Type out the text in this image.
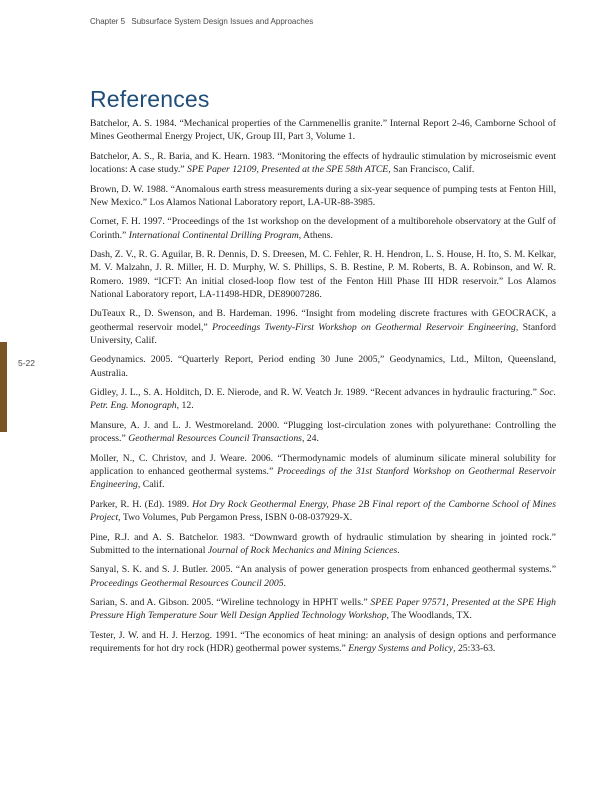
Chapter 5 Subsurface System Design Issues and Approaches
5-22
References
Batchelor, A. S. 1984. “Mechanical properties of the Carnmenellis granite.” Internal Report 2-46, Camborne School of Mines Geothermal Energy Project, UK, Group III, Part 3, Volume 1.
Batchelor, A. S., R. Baria, and K. Hearn. 1983. “Monitoring the effects of hydraulic stimulation by microseismic event locations: A case study.” SPE Paper 12109, Presented at the SPE 58th ATCE, San Francisco, Calif.
Brown, D. W. 1988. “Anomalous earth stress measurements during a six-year sequence of pumping tests at Fenton Hill, New Mexico.” Los Alamos National Laboratory report, LA-UR-88-3985.
Cornet, F. H. 1997. “Proceedings of the 1st workshop on the development of a multiborehole observatory at the Gulf of Corinth.” International Continental Drilling Program, Athens.
Dash, Z. V., R. G. Aguilar, B. R. Dennis, D. S. Dreesen, M. C. Fehler, R. H. Hendron, L. S. House, H. Ito, S. M. Kelkar, M. V. Malzahn, J. R. Miller, H. D. Murphy, W. S. Phillips, S. B. Restine, P. M. Roberts, B. A. Robinson, and W. R. Romero. 1989. “ICFT: An initial closed-loop flow test of the Fenton Hill Phase III HDR reservoir.” Los Alamos National Laboratory report, LA-11498-HDR, DE89007286.
DuTeaux R., D. Swenson, and B. Hardeman. 1996. “Insight from modeling discrete fractures with GEOCRACK, a geothermal reservoir model,” Proceedings Twenty-First Workshop on Geothermal Reservoir Engineering, Stanford University, Calif.
Geodynamics. 2005. “Quarterly Report, Period ending 30 June 2005,” Geodynamics, Ltd., Milton, Queensland, Australia.
Gidley, J. L., S. A. Holditch, D. E. Nierode, and R. W. Veatch Jr. 1989. “Recent advances in hydraulic fracturing.” Soc. Petr. Eng. Monograph, 12.
Mansure, A. J. and L. J. Westmoreland. 2000. “Plugging lost-circulation zones with polyurethane: Controlling the process.” Geothermal Resources Council Transactions, 24.
Moller, N., C. Christov, and J. Weare. 2006. “Thermodynamic models of aluminum silicate mineral solubility for application to enhanced geothermal systems.” Proceedings of the 31st Stanford Workshop on Geothermal Reservoir Engineering, Calif.
Parker, R. H. (Ed). 1989. Hot Dry Rock Geothermal Energy, Phase 2B Final report of the Camborne School of Mines Project, Two Volumes, Pub Pergamon Press, ISBN 0-08-037929-X.
Pine, R.J. and A. S. Batchelor. 1983. “Downward growth of hydraulic stimulation by shearing in jointed rock.” Submitted to the international Journal of Rock Mechanics and Mining Sciences.
Sanyal, S. K. and S. J. Butler. 2005. “An analysis of power generation prospects from enhanced geothermal systems.” Proceedings Geothermal Resources Council 2005.
Sarian, S. and A. Gibson. 2005. “Wireline technology in HPHT wells.” SPEE Paper 97571, Presented at the SPE High Pressure High Temperature Sour Well Design Applied Technology Workshop, The Woodlands, TX.
Tester, J. W. and H. J. Herzog. 1991. “The economics of heat mining: an analysis of design options and performance requirements for hot dry rock (HDR) geothermal power systems.” Energy Systems and Policy, 25:33-63.
